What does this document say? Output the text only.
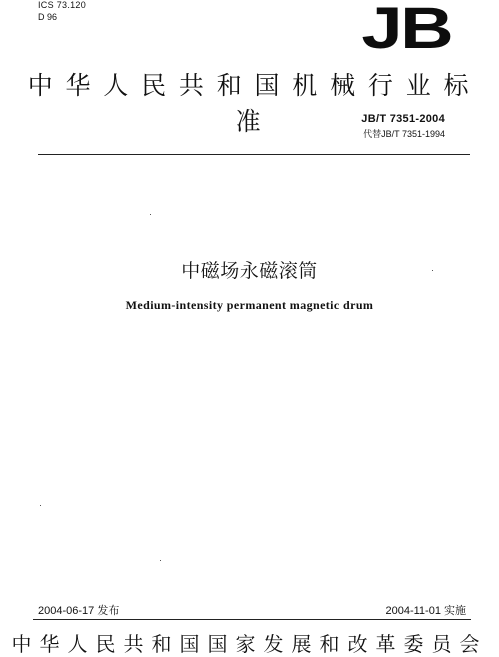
ICS 73.120
D 96	JB
中华人民共和国机械行业标准	JB/T 7351-2004
代替JB/T 7351-1994
中磁场永磁滚筒
Medium-intensity permanent magnetic drum
2004-06-17 发布	2004-11-01 实施
中华人民共和国国家发展和改革委员会
